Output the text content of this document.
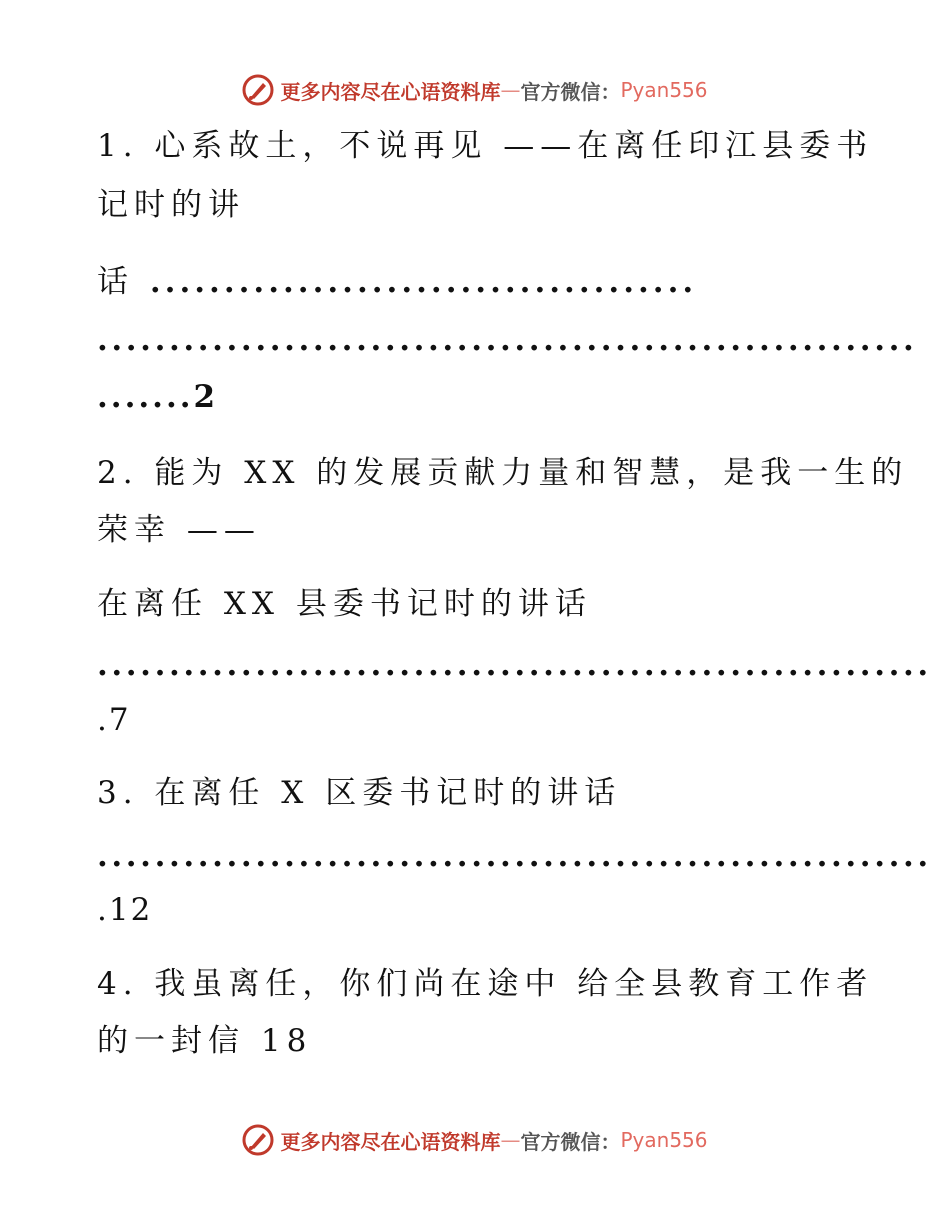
更多内容尽在心语资料库 — 官方微信： Pyan556
1. 心系故土，不说再见 ——在离任印江县委书
记时的讲
话 .....................................
.........................................................
.......2
2. 能为 XX 的发展贡献力量和智慧，是我一生的
荣幸 ——
在离任 XX 县委书记时的讲话
..........................................................
.7
3. 在离任 X 区委书记时的讲话
..........................................................
.12
4. 我虽离任，你们尚在途中 给全县教育工作者
的一封信 18
更多内容尽在心语资料库 — 官方微信： Pyan556
